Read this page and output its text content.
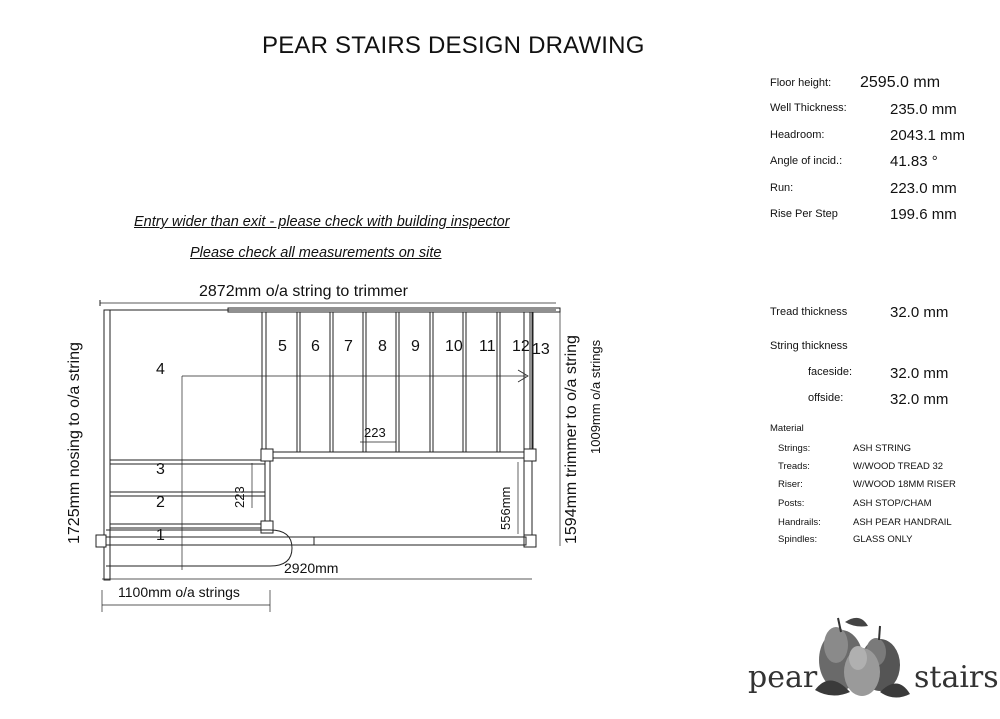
PEAR STAIRS DESIGN DRAWING
Entry wider than exit - please check with building inspector
Please check all measurements on site
Floor height: 2595.0 mm
Well Thickness:	235.0 mm
Headroom:	2043.1 mm
Angle of incid.:	41.83 °
Run:	223.0 mm
Rise Per Step	199.6 mm
Tread thickness	32.0 mm
String thickness
faceside:	32.0 mm
offside:	32.0 mm
Material
Strings:	ASH STRING
Treads:	W/WOOD TREAD 32
Riser:	W/WOOD 18MM RISER
Posts:	ASH STOP/CHAM
Handrails:	ASH PEAR HANDRAIL
Spindles:	GLASS ONLY
1
2
3
4
5 6 7 8 9 10 11 12 13
2872mm o/a string to trimmer
2920mm
1100mm o/a strings
223
223	556mm
1725mm nosing to o/a string	1594mm trimmer to o/a string 1009mm o/a strings
pear	stairs
